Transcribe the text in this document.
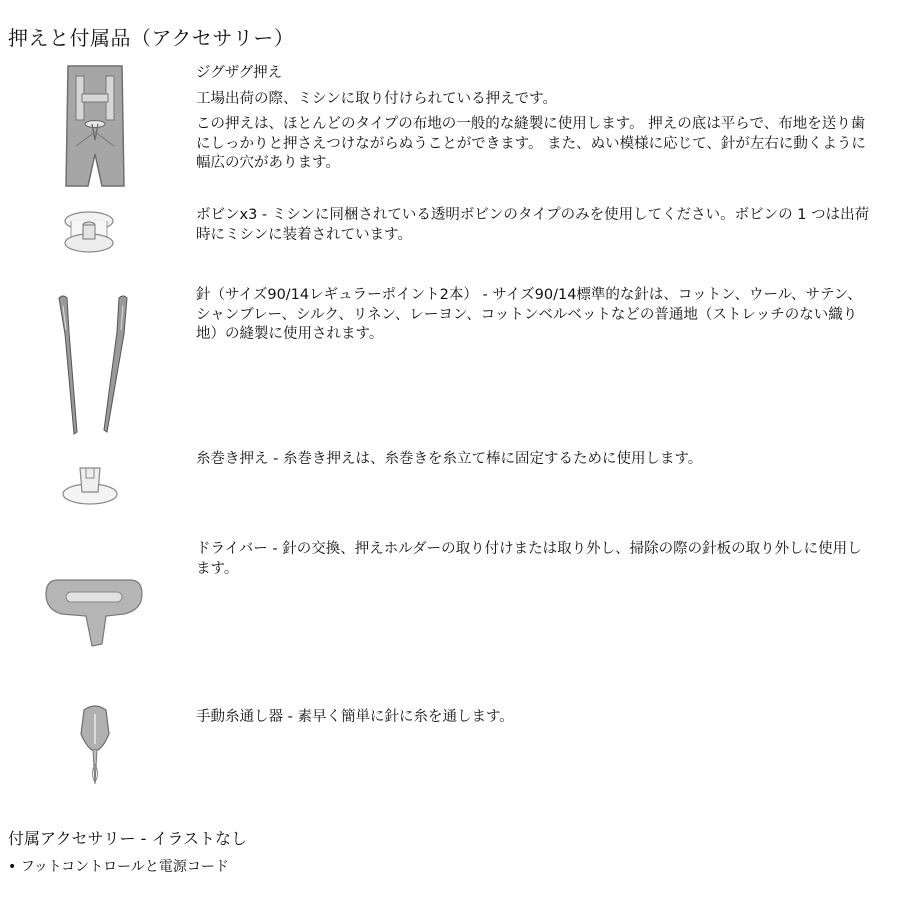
押えと付属品（アクセサリー）

ジグザグ押え

工場出荷の際、ミシンに取り付けられている押えです。

この押えは、ほとんどのタイプの布地の一般的な縫製に使用します。 押えの底は平らで、布地を送り歯にしっかりと押さえつけながらぬうことができます。 また、ぬい模様に応じて、針が左右に動くように幅広の穴があります。

ボビンx3 - ミシンに同梱されている透明ボビンのタイプのみを使用してください。ボビンの 1 つは出荷時にミシンに装着されています。

針（サイズ90/14レギュラーポイント2本） - サイズ90/14標準的な針は、コットン、ウール、サテン、シャンブレー、シルク、リネン、レーヨン、コットンベルベットなどの普通地（ストレッチのない織り地）の縫製に使用されます。

糸巻き押え - 糸巻き押えは、糸巻きを糸立て棒に固定するために使用します。

ドライバー - 針の交換、押えホルダーの取り付けまたは取り外し、掃除の際の針板の取り外しに使用します。

手動糸通し器 - 素早く簡単に針に糸を通します。

付属アクセサリー - イラストなし
• フットコントロールと電源コード
